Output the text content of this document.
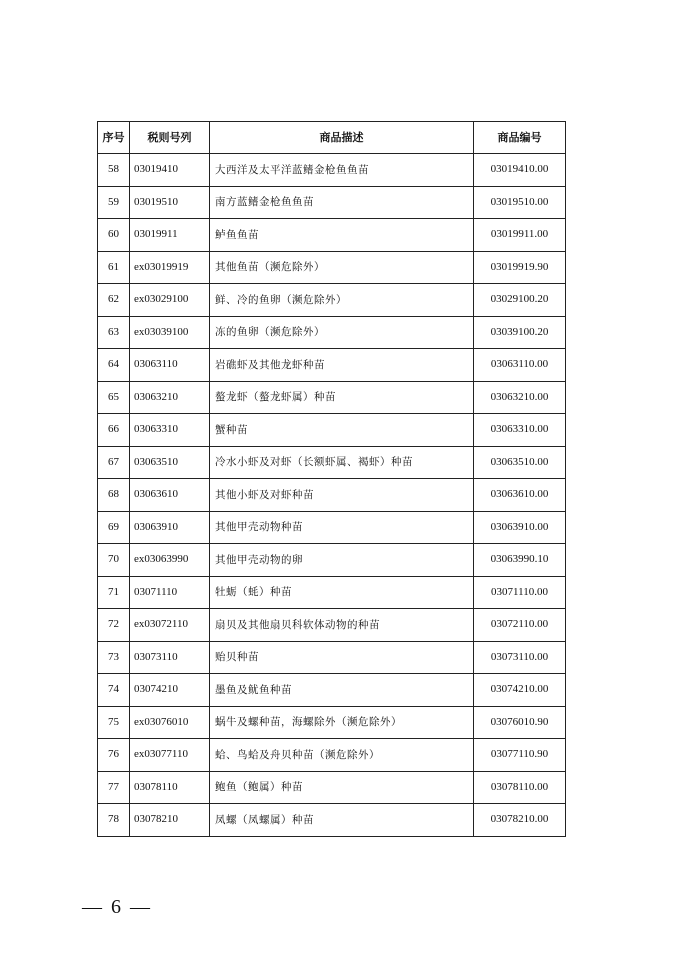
序号	税则号列	商品描述	商品编号
58	03019410	大西洋及太平洋蓝鳍金枪鱼鱼苗	03019410.00
59	03019510	南方蓝鳍金枪鱼鱼苗	03019510.00
60	03019911	鲈鱼鱼苗	03019911.00
61	ex03019919	其他鱼苗（濒危除外）	03019919.90
62	ex03029100	鲜、冷的鱼卵（濒危除外）	03029100.20
63	ex03039100	冻的鱼卵（濒危除外）	03039100.20
64	03063110	岩礁虾及其他龙虾种苗	03063110.00
65	03063210	螯龙虾（螯龙虾属）种苗	03063210.00
66	03063310	蟹种苗	03063310.00
67	03063510	冷水小虾及对虾（长额虾属、褐虾）种苗	03063510.00
68	03063610	其他小虾及对虾种苗	03063610.00
69	03063910	其他甲壳动物种苗	03063910.00
70	ex03063990	其他甲壳动物的卵	03063990.10
71	03071110	牡蛎（蚝）种苗	03071110.00
72	ex03072110	扇贝及其他扇贝科软体动物的种苗	03072110.00
73	03073110	贻贝种苗	03073110.00
74	03074210	墨鱼及鱿鱼种苗	03074210.00
75	ex03076010	蜗牛及螺种苗，海螺除外（濒危除外）	03076010.90
76	ex03077110	蛤、鸟蛤及舟贝种苗（濒危除外）	03077110.90
77	03078110	鲍鱼（鲍属）种苗	03078110.00
78	03078210	凤螺（凤螺属）种苗	03078210.00
— 6 —
